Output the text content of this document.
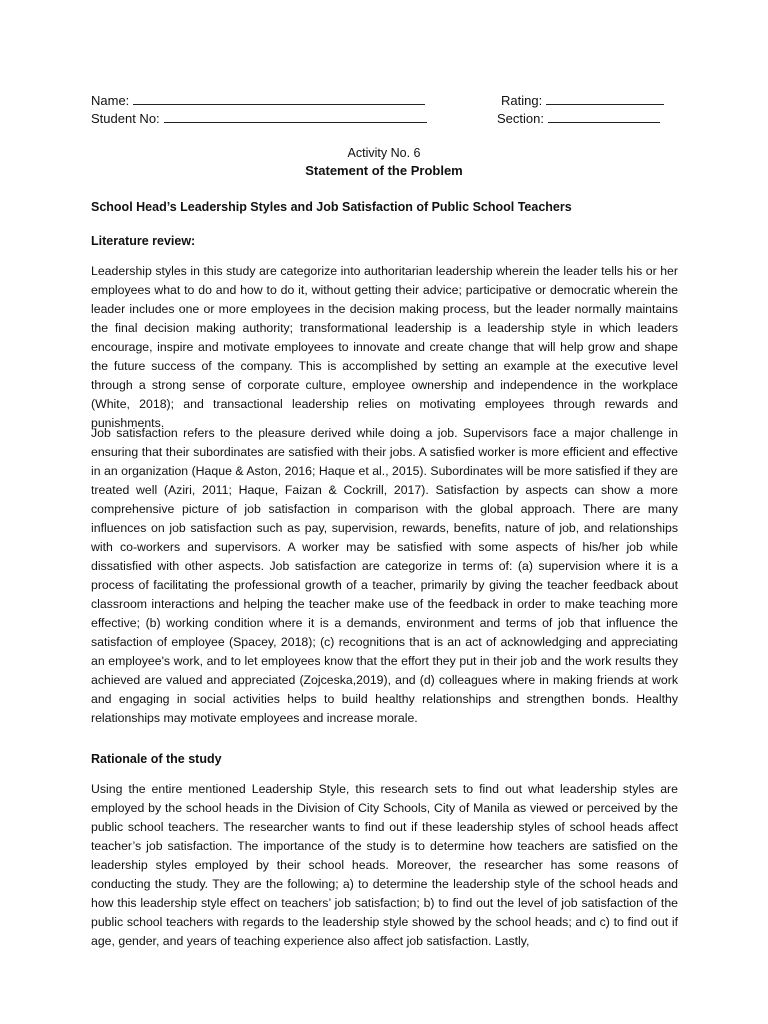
Name:
Student No:
Rating:
Section:
Activity No. 6
Statement of the Problem
School Head’s Leadership Styles and Job Satisfaction of Public School Teachers
Literature review:

Leadership styles in this study are categorize into authoritarian leadership wherein the leader tells his or her employees what to do and how to do it, without getting their advice; participative or democratic wherein the leader includes one or more employees in the decision making process, but the leader normally maintains the final decision making authority; transformational leadership is a leadership style in which leaders encourage, inspire and motivate employees to innovate and create change that will help grow and shape the future success of the company. This is accomplished by setting an example at the executive level through a strong sense of corporate culture, employee ownership and independence in the workplace (White, 2018); and transactional leadership relies on motivating employees through rewards and punishments.

Job satisfaction refers to the pleasure derived while doing a job. Supervisors face a major challenge in ensuring that their subordinates are satisfied with their jobs. A satisfied worker is more efficient and effective in an organization (Haque & Aston, 2016; Haque et al., 2015). Subordinates will be more satisfied if they are treated well (Aziri, 2011; Haque, Faizan & Cockrill, 2017). Satisfaction by aspects can show a more comprehensive picture of job satisfaction in comparison with the global approach. There are many influences on job satisfaction such as pay, supervision, rewards, benefits, nature of job, and relationships with co-workers and supervisors. A worker may be satisfied with some aspects of his/her job while dissatisfied with other aspects. Job satisfaction are categorize in terms of: (a) supervision where it is a process of facilitating the professional growth of a teacher, primarily by giving the teacher feedback about classroom interactions and helping the teacher make use of the feedback in order to make teaching more effective; (b) working condition where it is a demands, environment and terms of job that influence the satisfaction of employee (Spacey, 2018); (c) recognitions that is an act of acknowledging and appreciating an employee's work, and to let employees know that the effort they put in their job and the work results they achieved are valued and appreciated (Zojceska,2019), and (d) colleagues where in making friends at work and engaging in social activities helps to build healthy relationships and strengthen bonds. Healthy relationships may motivate employees and increase morale.

Rationale of the study

Using the entire mentioned Leadership Style, this research sets to find out what leadership styles are employed by the school heads in the Division of City Schools, City of Manila as viewed or perceived by the public school teachers. The researcher wants to find out if these leadership styles of school heads affect teacher’s job satisfaction. The importance of the study is to determine how teachers are satisfied on the leadership styles employed by their school heads. Moreover, the researcher has some reasons of conducting the study. They are the following; a) to determine the leadership style of the school heads and how this leadership style effect on teachers’ job satisfaction; b) to find out the level of job satisfaction of the public school teachers with regards to the leadership style showed by the school heads; and c) to find out if age, gender, and years of teaching experience also affect job satisfaction. Lastly,
